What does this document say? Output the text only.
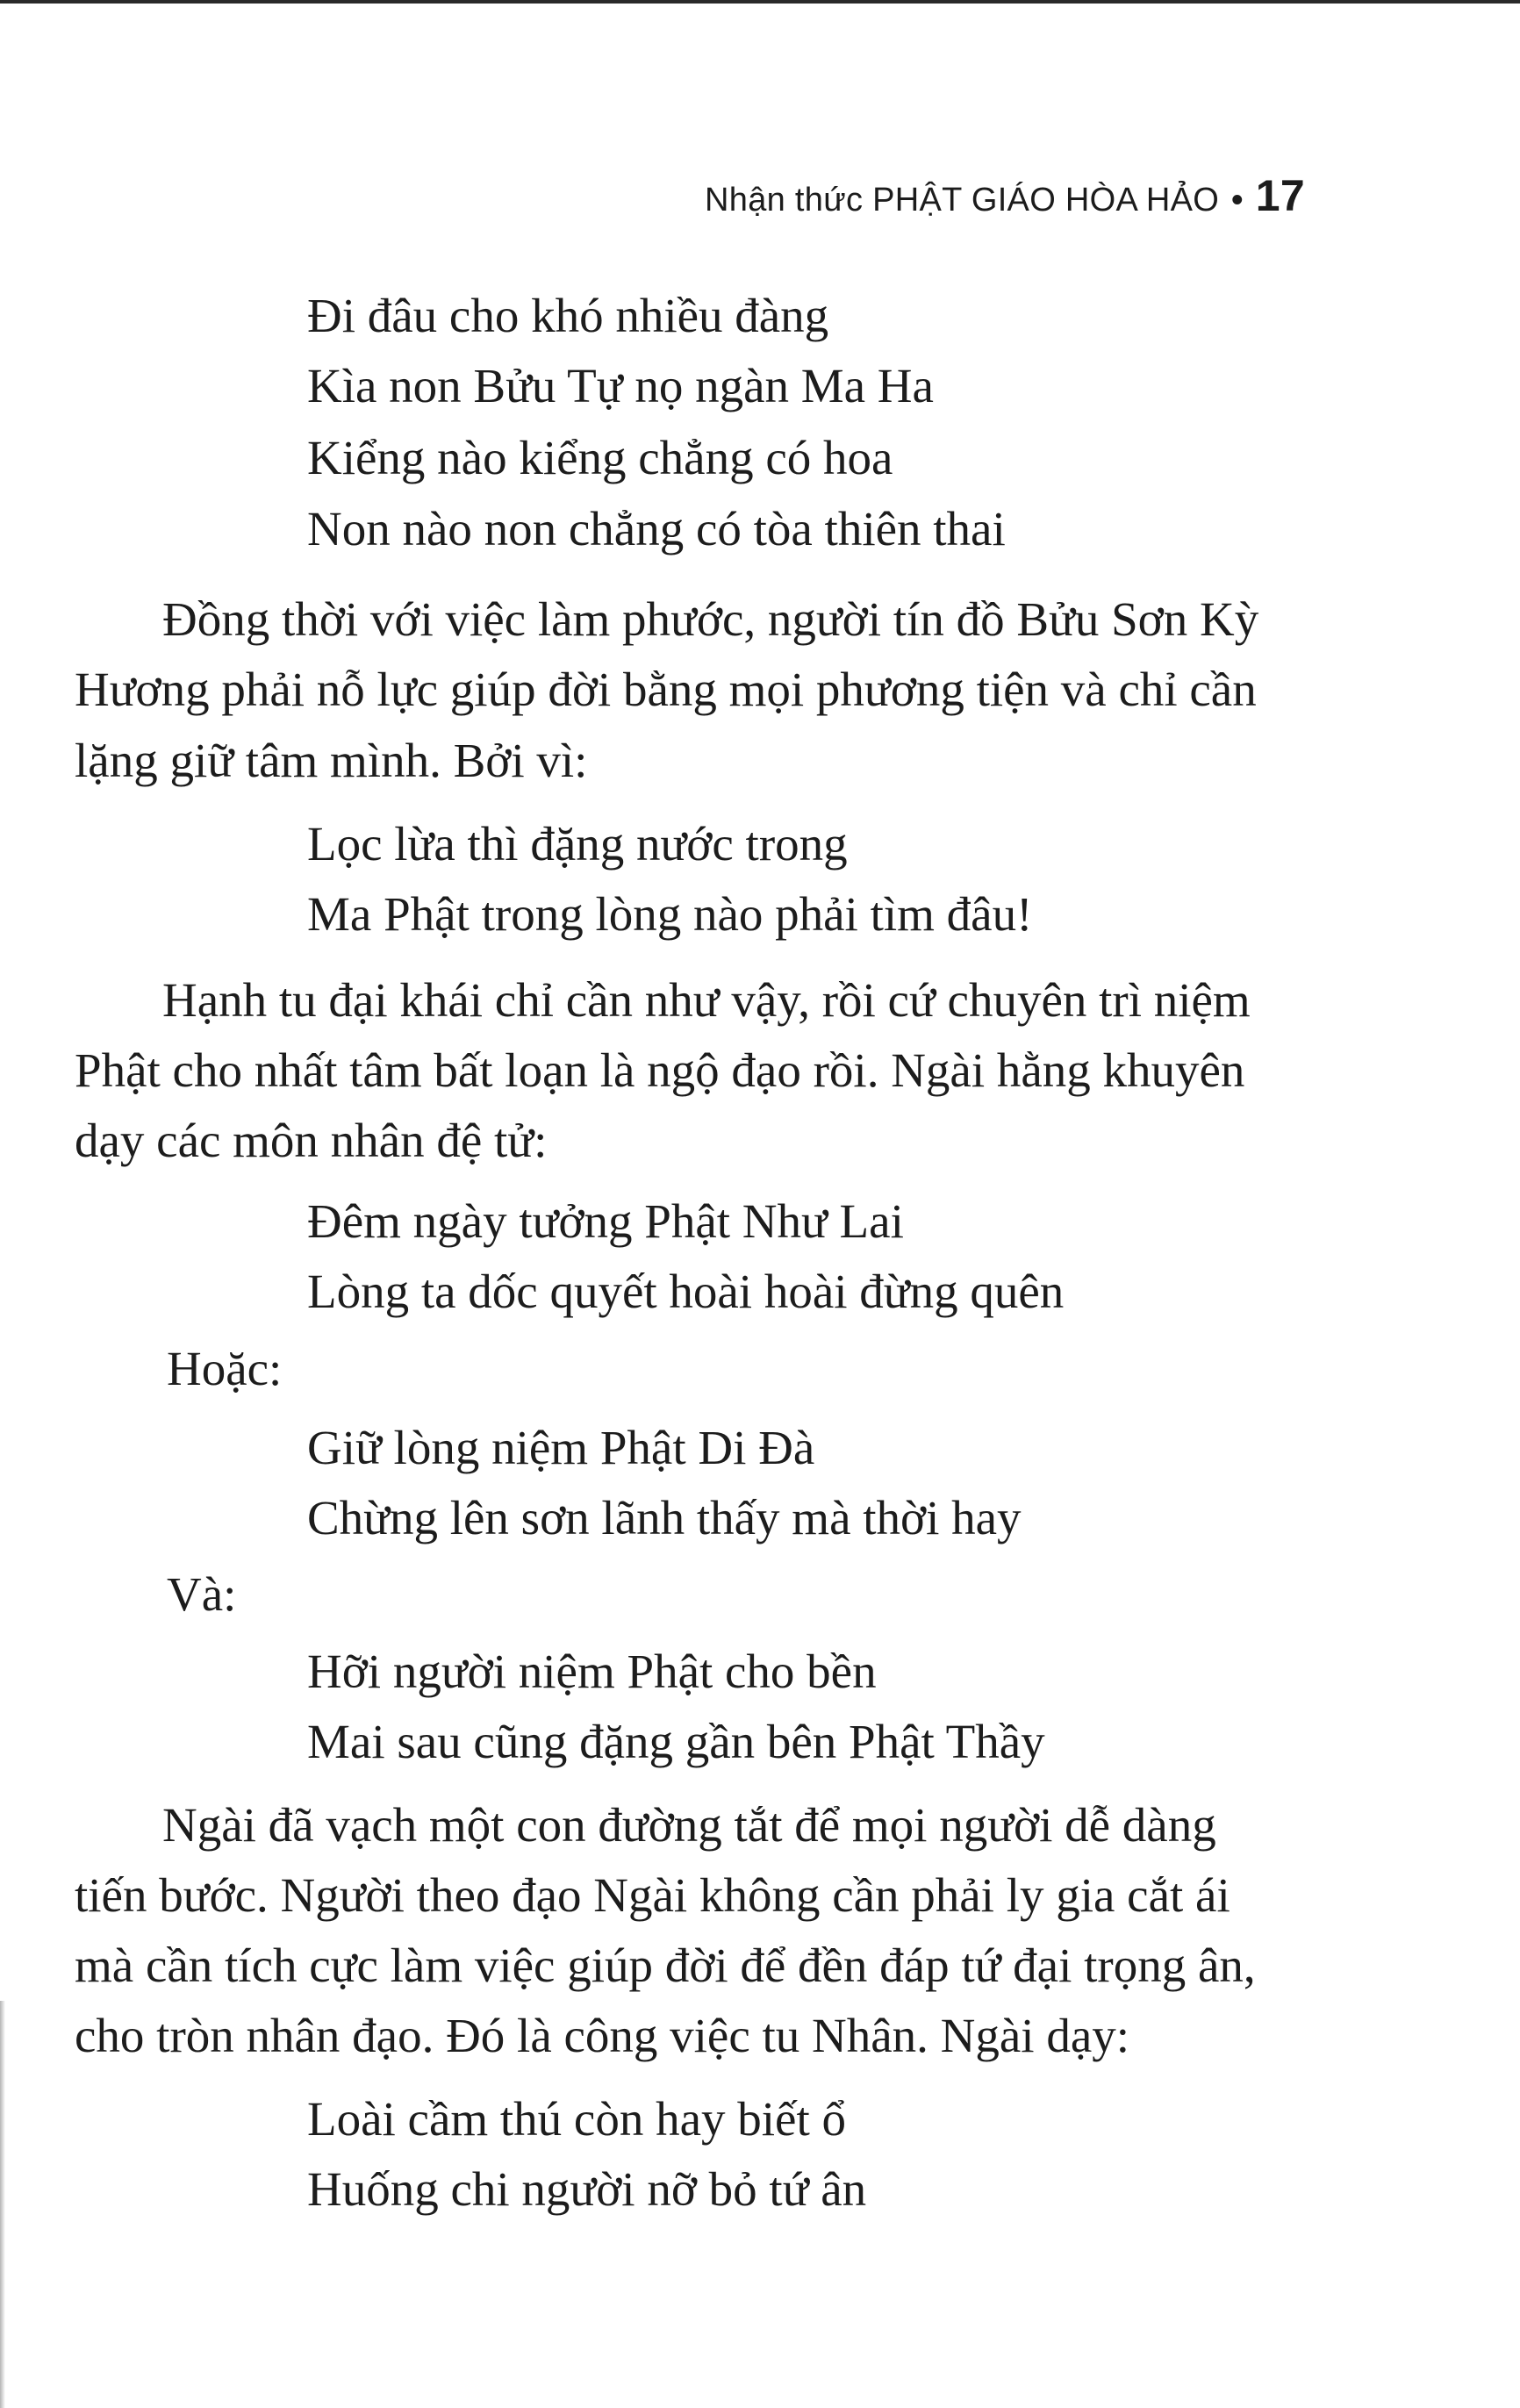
Nhận thức PHẬT GIÁO HÒA HẢO • 17
Đi đâu cho khó nhiều đàng
Kìa non Bửu Tự nọ ngàn Ma Ha
Kiểng nào kiểng chẳng có hoa
Non nào non chẳng có tòa thiên thai
Đồng thời với việc làm phước, người tín đồ Bửu Sơn Kỳ
Hương phải nỗ lực giúp đời bằng mọi phương tiện và chỉ cần
lặng giữ tâm mình. Bởi vì:
Lọc lừa thì đặng nước trong
Ma Phật trong lòng nào phải tìm đâu!
Hạnh tu đại khái chỉ cần như vậy, rồi cứ chuyên trì niệm
Phật cho nhất tâm bất loạn là ngộ đạo rồi. Ngài hằng khuyên
dạy các môn nhân đệ tử:
Đêm ngày tưởng Phật Như Lai
Lòng ta dốc quyết hoài hoài đừng quên
Hoặc:
Giữ lòng niệm Phật Di Đà
Chừng lên sơn lãnh thấy mà thời hay
Và:
Hỡi người niệm Phật cho bền
Mai sau cũng đặng gần bên Phật Thầy
Ngài đã vạch một con đường tắt để mọi người dễ dàng
tiến bước. Người theo đạo Ngài không cần phải ly gia cắt ái
mà cần tích cực làm việc giúp đời để đền đáp tứ đại trọng ân,
cho tròn nhân đạo. Đó là công việc tu Nhân. Ngài dạy:
Loài cầm thú còn hay biết ổ
Huống chi người nỡ bỏ tứ ân
